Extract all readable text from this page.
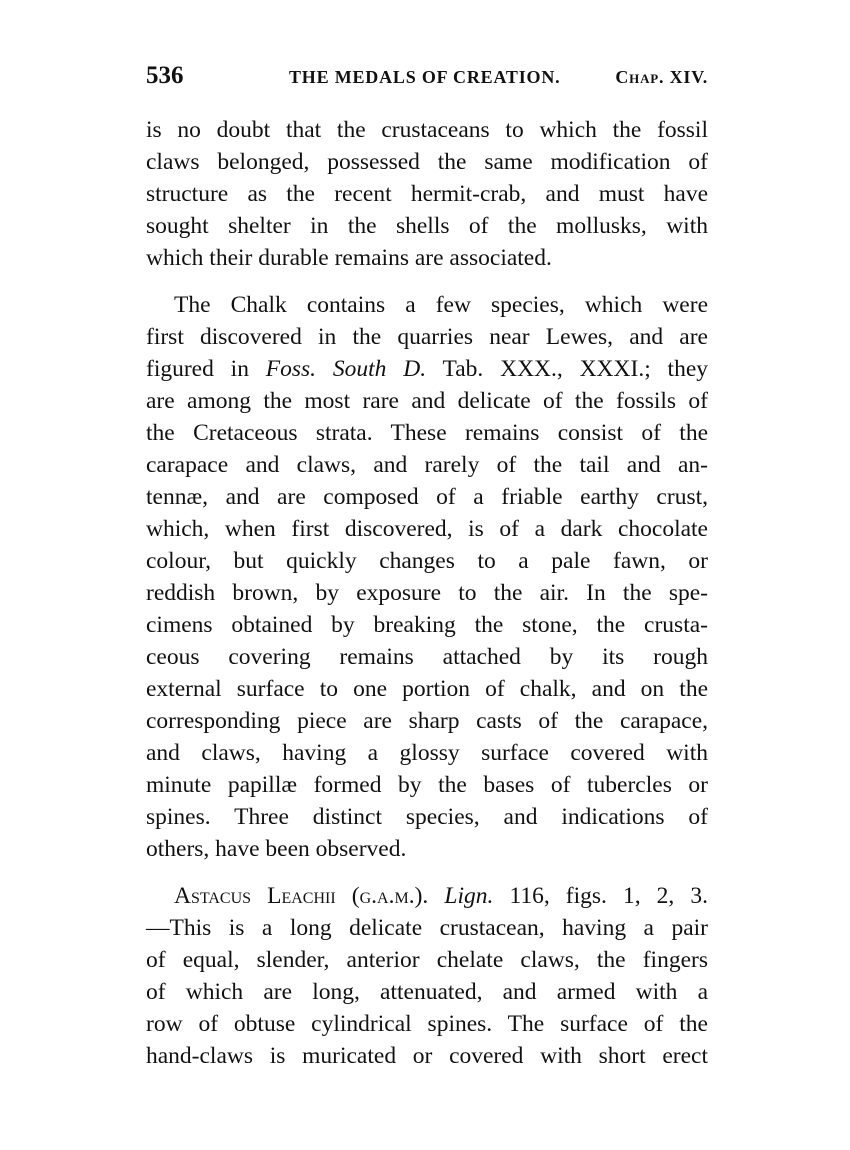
536	THE MEDALS OF CREATION.	Chap. XIV.
is no doubt that the crustaceans to which the fossil
claws belonged, possessed the same modification of
structure as the recent hermit-crab, and must have
sought shelter in the shells of the mollusks, with
which their durable remains are associated.
The Chalk contains a few species, which were
first discovered in the quarries near Lewes, and are
figured in Foss. South D. Tab. XXX., XXXI.; they
are among the most rare and delicate of the fossils of
the Cretaceous strata. These remains consist of the
carapace and claws, and rarely of the tail and an-
tennæ, and are composed of a friable earthy crust,
which, when first discovered, is of a dark chocolate
colour, but quickly changes to a pale fawn, or
reddish brown, by exposure to the air. In the spe-
cimens obtained by breaking the stone, the crusta-
ceous covering remains attached by its rough
external surface to one portion of chalk, and on the
corresponding piece are sharp casts of the carapace,
and claws, having a glossy surface covered with
minute papillæ formed by the bases of tubercles or
spines. Three distinct species, and indications of
others, have been observed.
Astacus Leachii (g.a.m.). Lign. 116, figs. 1, 2, 3.
—This is a long delicate crustacean, having a pair
of equal, slender, anterior chelate claws, the fingers
of which are long, attenuated, and armed with a
row of obtuse cylindrical spines. The surface of the
hand-claws is muricated or covered with short erect
